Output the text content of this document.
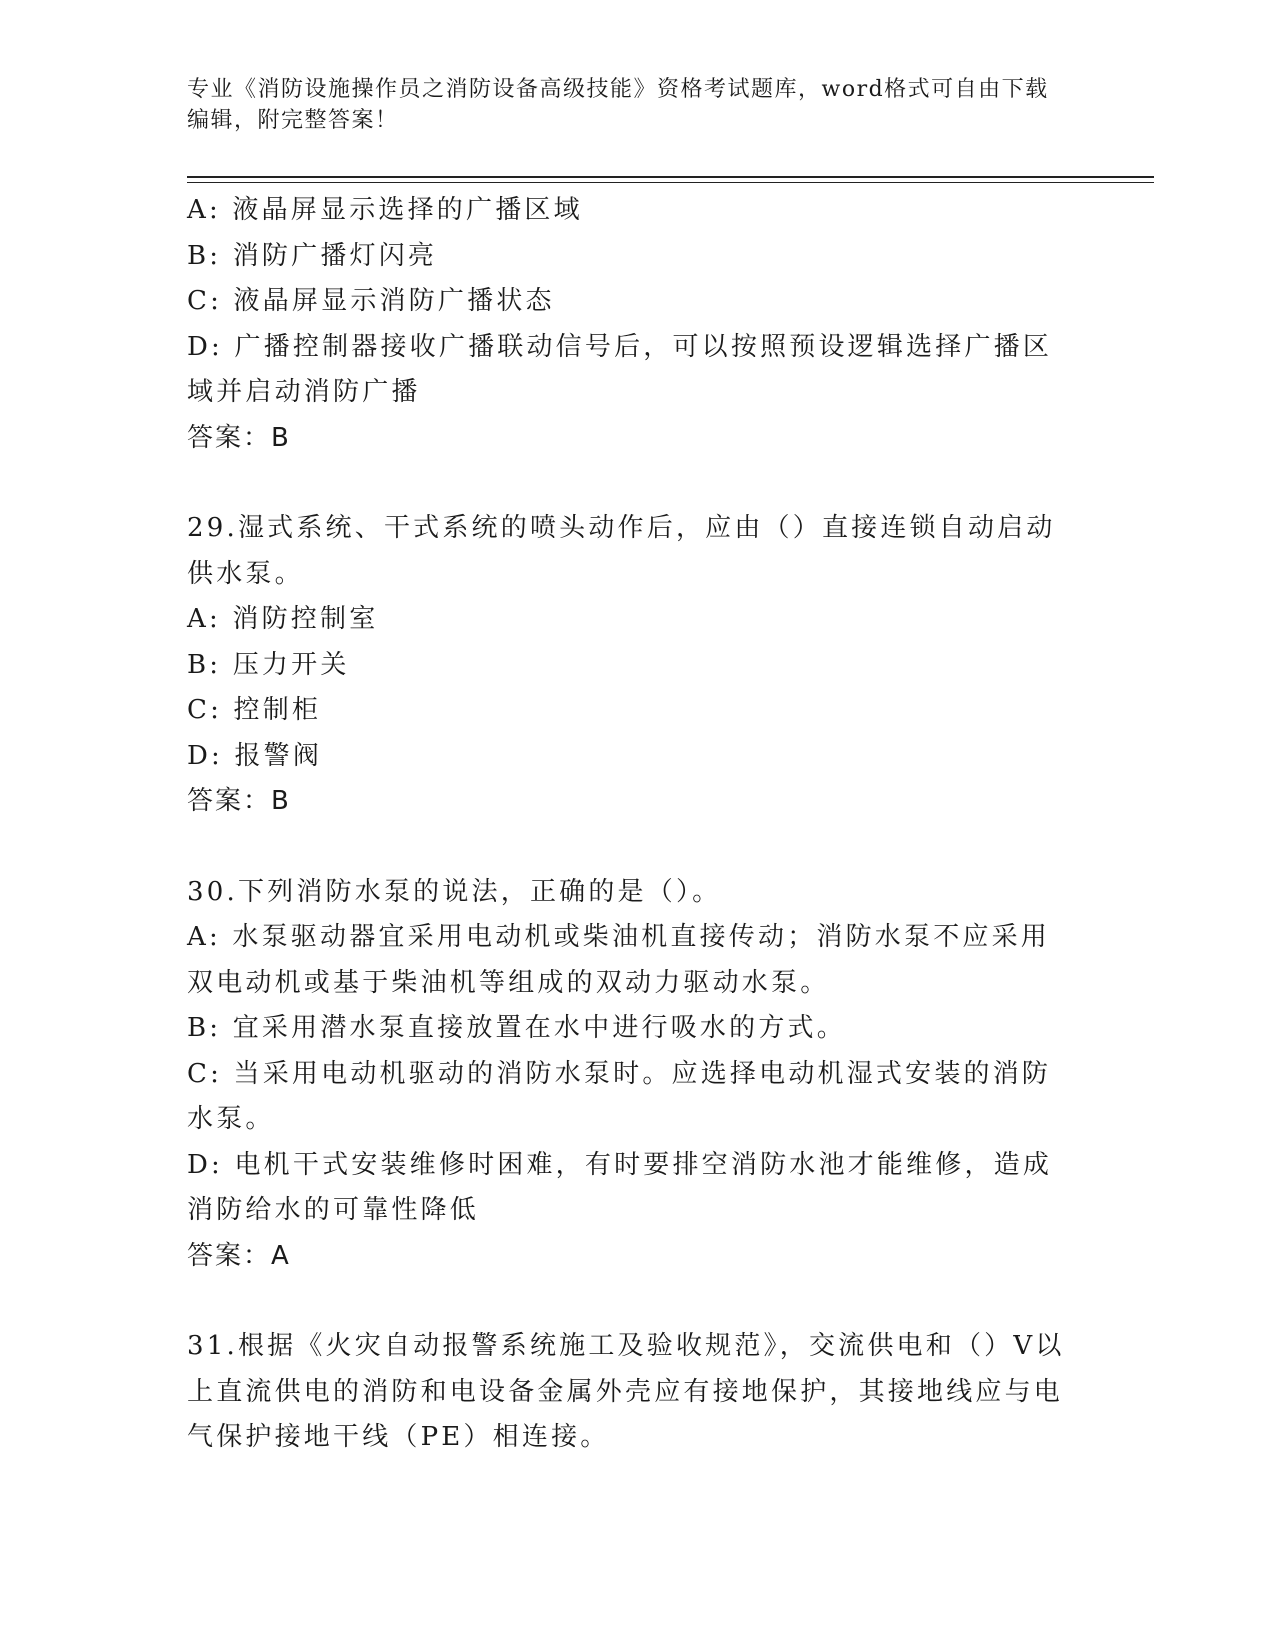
专业《消防设施操作员之消防设备高级技能》资格考试题库，word格式可自由下载编辑，附完整答案！

A: 液晶屏显示选择的广播区域

B: 消防广播灯闪亮

C: 液晶屏显示消防广播状态

D: 广播控制器接收广播联动信号后，可以按照预设逻辑选择广播区域并启动消防广播

答案：B

29.湿式系统、干式系统的喷头动作后，应由（）直接连锁自动启动供水泵。

A: 消防控制室

B: 压力开关

C: 控制柜

D: 报警阀

答案：B

30.下列消防水泵的说法，正确的是（）。

A: 水泵驱动器宜采用电动机或柴油机直接传动；消防水泵不应采用双电动机或基于柴油机等组成的双动力驱动水泵。

B: 宜采用潜水泵直接放置在水中进行吸水的方式。

C: 当采用电动机驱动的消防水泵时。应选择电动机湿式安装的消防水泵。

D: 电机干式安装维修时困难，有时要排空消防水池才能维修，造成消防给水的可靠性降低

答案：A

31.根据《火灾自动报警系统施工及验收规范》，交流供电和（）V以上直流供电的消防和电设备金属外壳应有接地保护，其接地线应与电气保护接地干线（PE）相连接。
